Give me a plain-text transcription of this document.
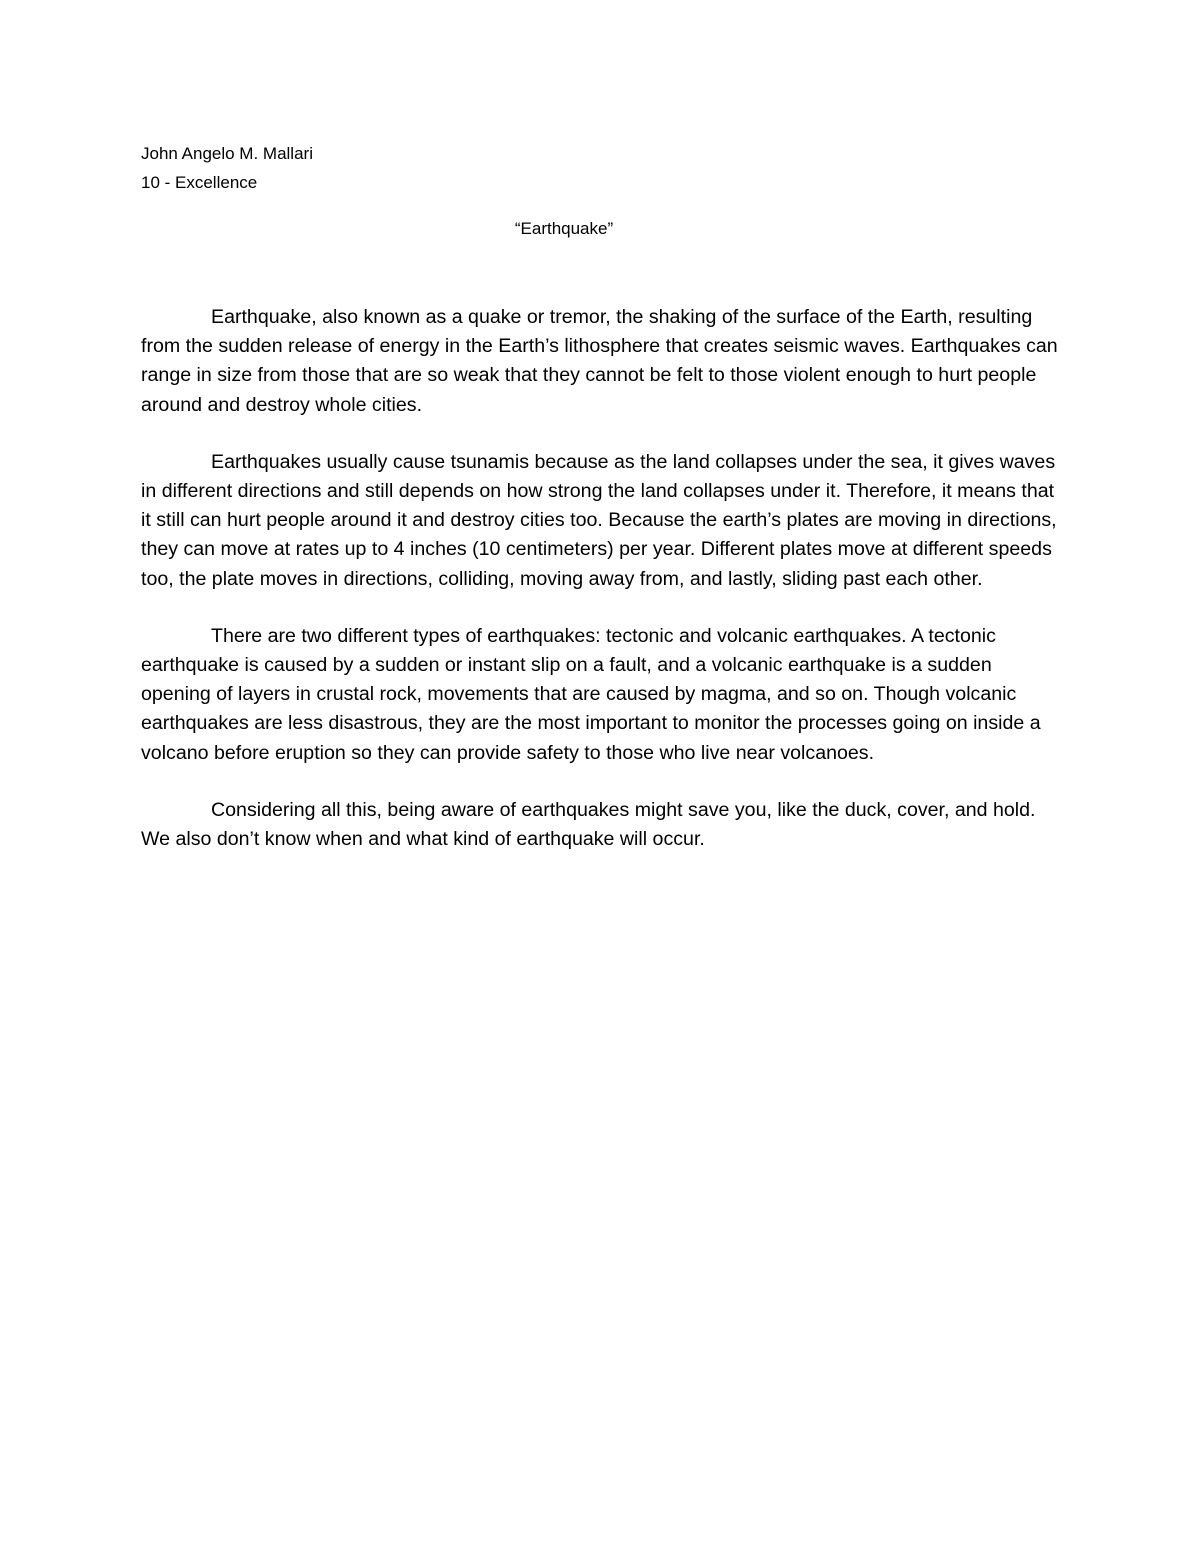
John Angelo M. Mallari

10 - Excellence

“Earthquake”

Earthquake, also known as a quake or tremor, the shaking of the surface of the Earth, resulting from the sudden release of energy in the Earth’s lithosphere that creates seismic waves. Earthquakes can range in size from those that are so weak that they cannot be felt to those violent enough to hurt people around and destroy whole cities.

Earthquakes usually cause tsunamis because as the land collapses under the sea, it gives waves in different directions and still depends on how strong the land collapses under it. Therefore, it means that it still can hurt people around it and destroy cities too. Because the earth’s plates are moving in directions, they can move at rates up to 4 inches (10 centimeters) per year. Different plates move at different speeds too, the plate moves in directions, colliding, moving away from, and lastly, sliding past each other.

There are two different types of earthquakes: tectonic and volcanic earthquakes. A tectonic earthquake is caused by a sudden or instant slip on a fault, and a volcanic earthquake is a sudden opening of layers in crustal rock, movements that are caused by magma, and so on. Though volcanic earthquakes are less disastrous, they are the most important to monitor the processes going on inside a volcano before eruption so they can provide safety to those who live near volcanoes.

Considering all this, being aware of earthquakes might save you, like the duck, cover, and hold. We also don’t know when and what kind of earthquake will occur.
